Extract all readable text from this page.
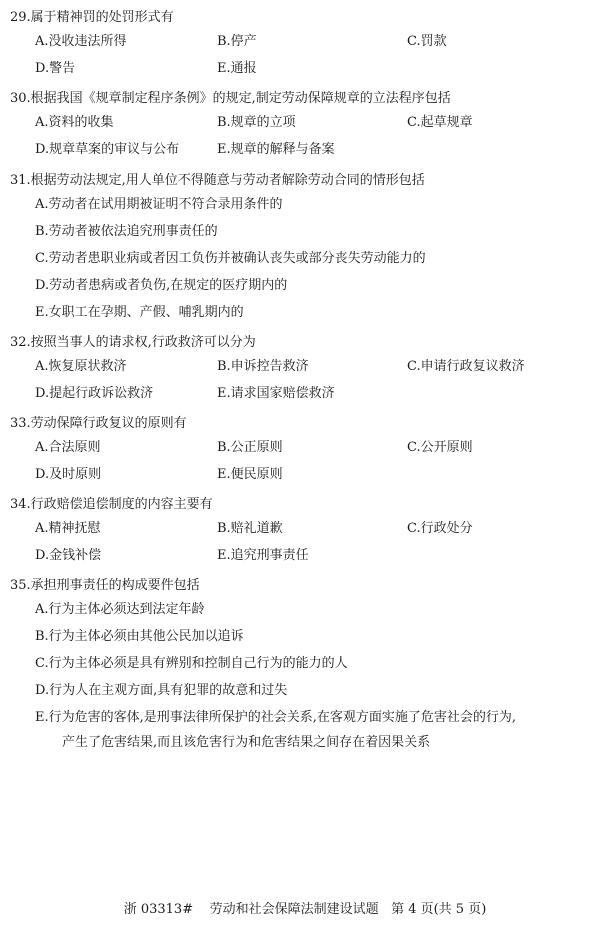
29.属于精神罚的处罚形式有
A.没收违法所得	B.停产	C.罚款
D.警告	E.通报
30.根据我国《规章制定程序条例》的规定,制定劳动保障规章的立法程序包括
A.资料的收集	B.规章的立项	C.起草规章
D.规章草案的审议与公布	E.规章的解释与备案
31.根据劳动法规定,用人单位不得随意与劳动者解除劳动合同的情形包括
A.劳动者在试用期被证明不符合录用条件的
B.劳动者被依法追究刑事责任的
C.劳动者患职业病或者因工负伤并被确认丧失或部分丧失劳动能力的
D.劳动者患病或者负伤,在规定的医疗期内的
E.女职工在孕期、产假、哺乳期内的
32.按照当事人的请求权,行政救济可以分为
A.恢复原状救济	B.申诉控告救济	C.申请行政复议救济
D.提起行政诉讼救济	E.请求国家赔偿救济
33.劳动保障行政复议的原则有
A.合法原则	B.公正原则	C.公开原则
D.及时原则	E.便民原则
34.行政赔偿追偿制度的内容主要有
A.精神抚慰	B.赔礼道歉	C.行政处分
D.金钱补偿	E.追究刑事责任
35.承担刑事责任的构成要件包括
A.行为主体必须达到法定年龄
B.行为主体必须由其他公民加以追诉
C.行为主体必须是具有辨别和控制自己行为的能力的人
D.行为人在主观方面,具有犯罪的故意和过失
E.行为危害的客体,是刑事法律所保护的社会关系,在客观方面实施了危害社会的行为,
产生了危害结果,而且该危害行为和危害结果之间存在着因果关系
浙 03313# 劳动和社会保障法制建设试题 第 4 页(共 5 页)
